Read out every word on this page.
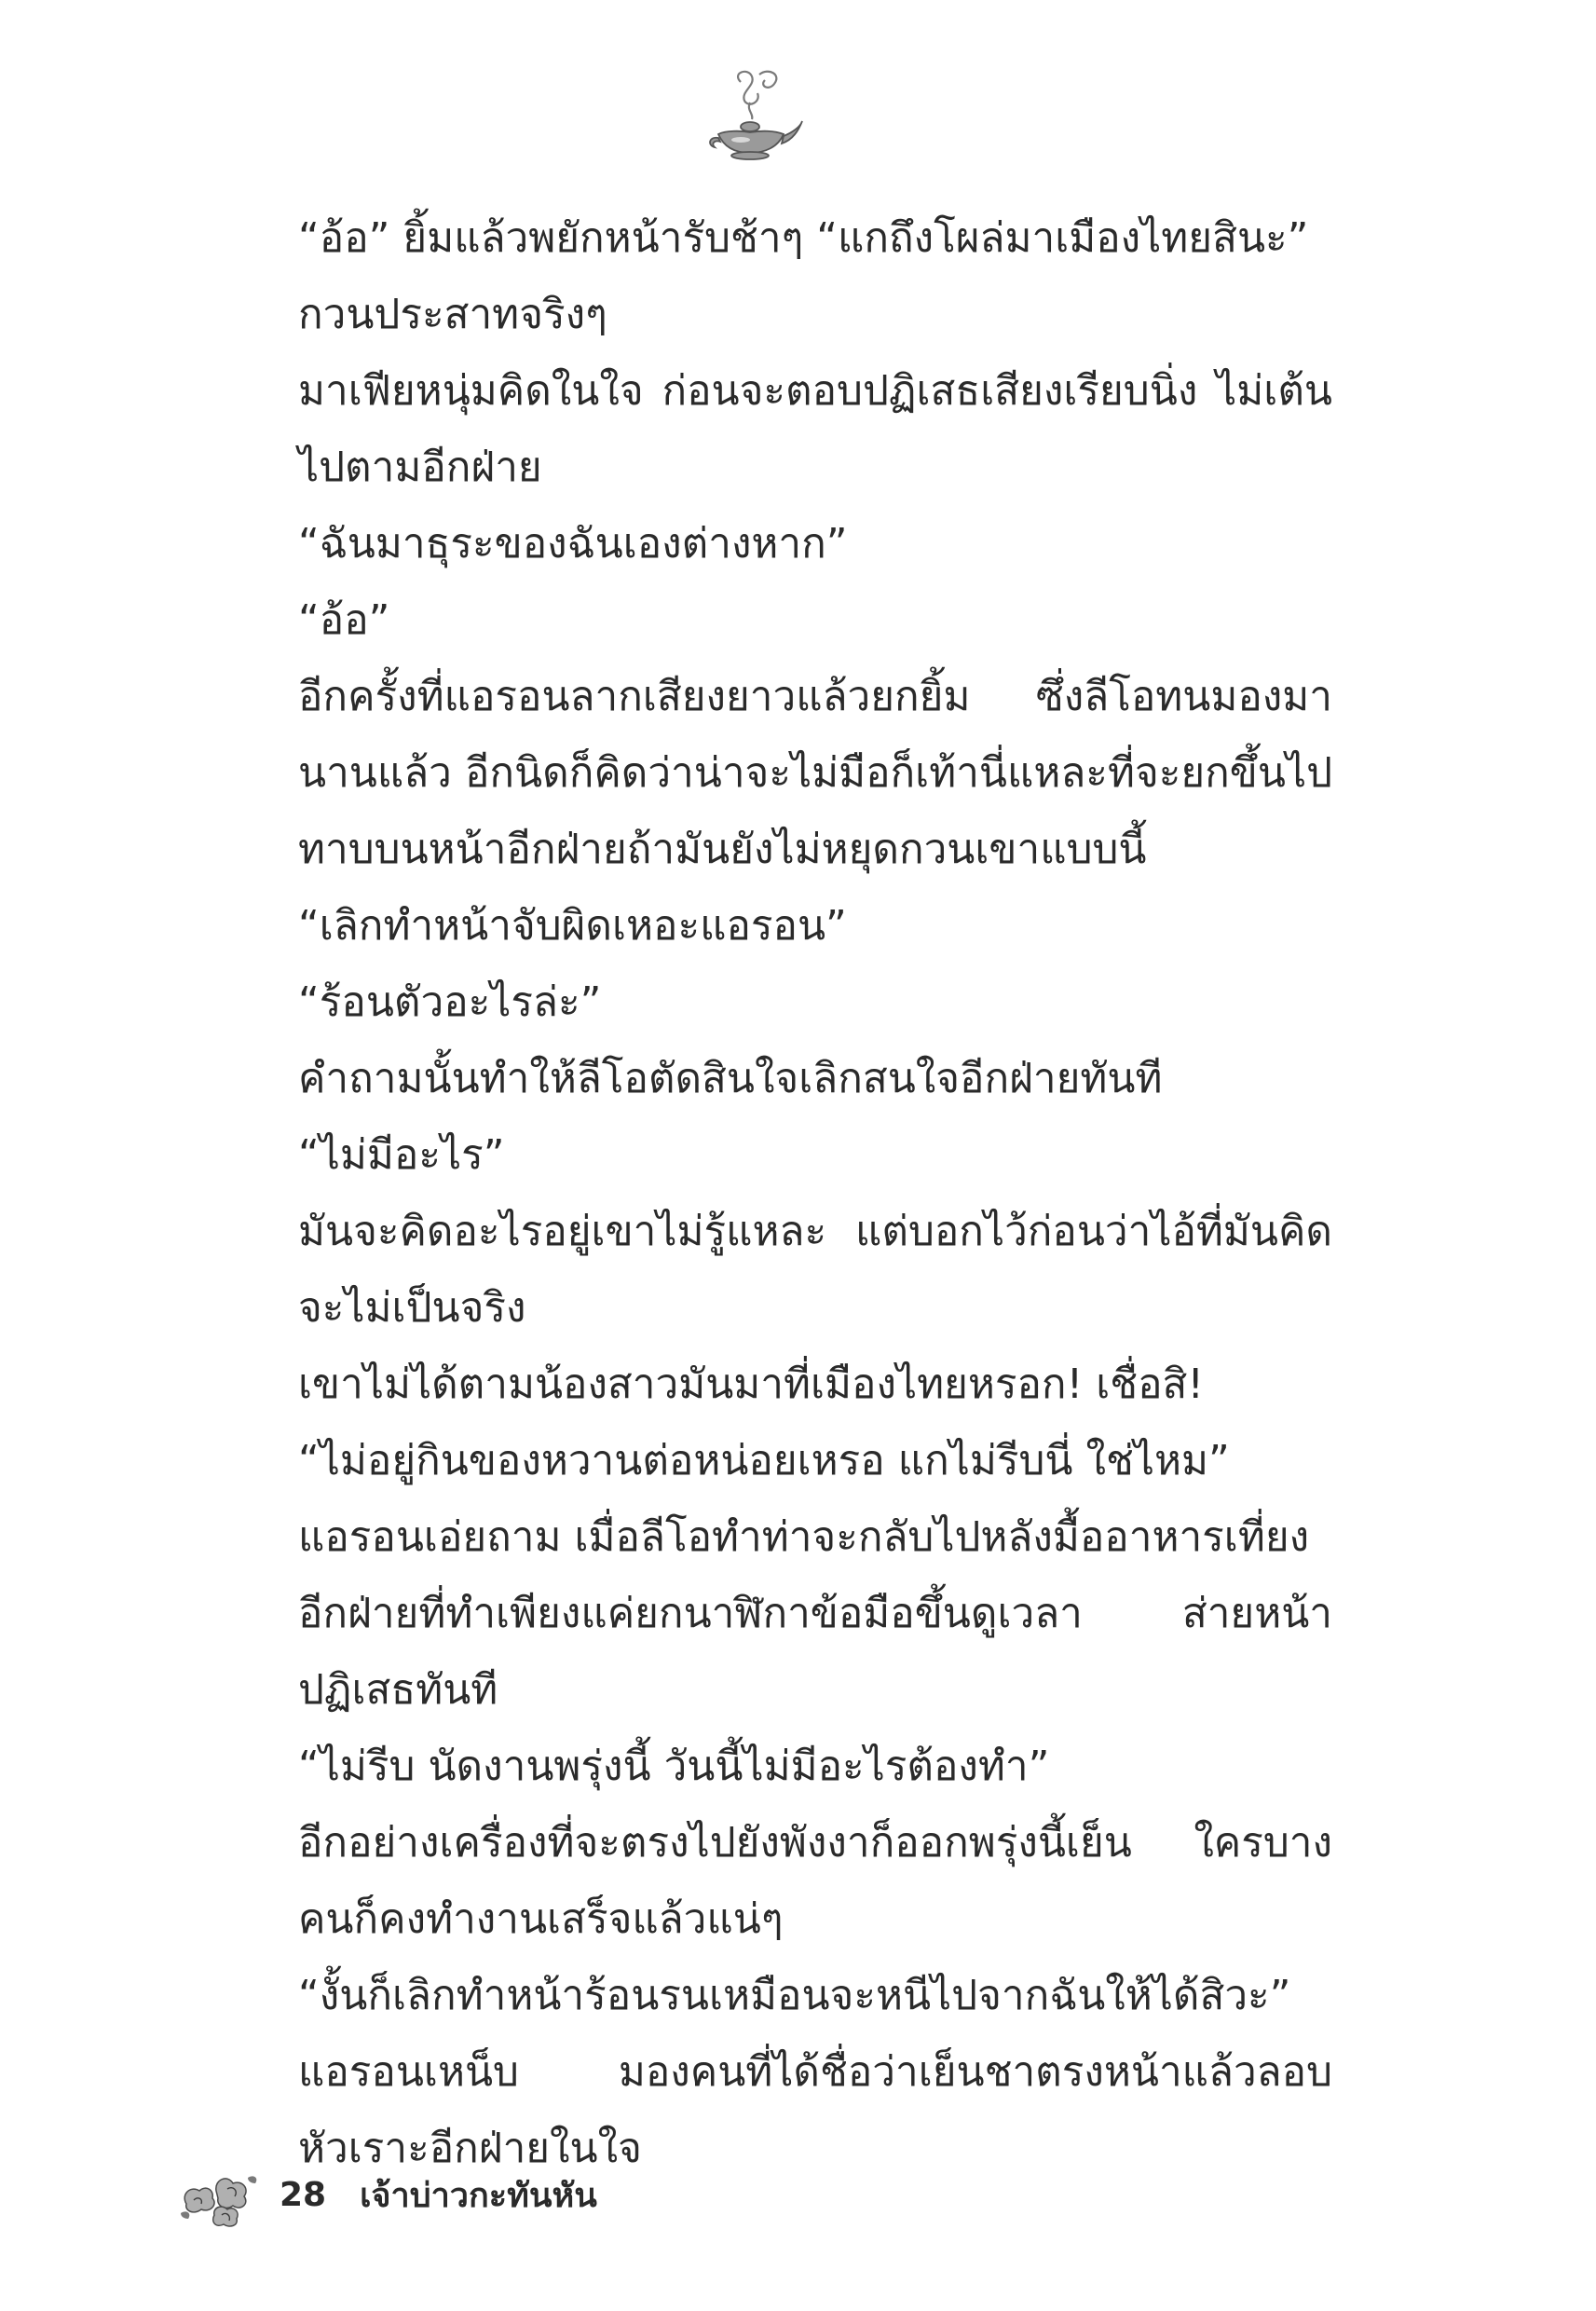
“อ้อ” ยิ้มแล้วพยักหน้ารับช้าๆ “แกถึงโผล่มาเมืองไทยสินะ”

กวนประสาทจริงๆ

มาเฟียหนุ่มคิดในใจ ก่อนจะตอบปฏิเสธเสียงเรียบนิ่ง ไม่เต้นไปตามอีกฝ่าย

“ฉันมาธุระของฉันเองต่างหาก”

“อ้อ”

อีกครั้งที่แอรอนลากเสียงยาวแล้วยกยิ้ม ซึ่งลีโอทนมองมานานแล้ว อีกนิดก็คิดว่าน่าจะไม่มือก็เท้านี่แหละที่จะยกขึ้นไปทาบบนหน้าอีกฝ่ายถ้ามันยังไม่หยุดกวนเขาแบบนี้

“เลิกทำหน้าจับผิดเหอะแอรอน”

“ร้อนตัวอะไรล่ะ”

คำถามนั้นทำให้ลีโอตัดสินใจเลิกสนใจอีกฝ่ายทันที

“ไม่มีอะไร”

มันจะคิดอะไรอยู่เขาไม่รู้แหละ แต่บอกไว้ก่อนว่าไอ้ที่มันคิดจะไม่เป็นจริง

เขาไม่ได้ตามน้องสาวมันมาที่เมืองไทยหรอก! เชื่อสิ!

“ไม่อยู่กินของหวานต่อหน่อยเหรอ แกไม่รีบนี่ ใช่ไหม”

แอรอนเอ่ยถาม เมื่อลีโอทำท่าจะกลับไปหลังมื้ออาหารเที่ยง

อีกฝ่ายที่ทำเพียงแค่ยกนาฬิกาข้อมือขึ้นดูเวลา ส่ายหน้าปฏิเสธทันที

“ไม่รีบ นัดงานพรุ่งนี้ วันนี้ไม่มีอะไรต้องทำ”

อีกอย่างเครื่องที่จะตรงไปยังพังงาก็ออกพรุ่งนี้เย็น ใครบางคนก็คงทำงานเสร็จแล้วแน่ๆ

“งั้นก็เลิกทำหน้าร้อนรนเหมือนจะหนีไปจากฉันให้ได้สิวะ” แอรอนเหน็บ มองคนที่ได้ชื่อว่าเย็นชาตรงหน้าแล้วลอบหัวเราะอีกฝ่ายในใจ

28 เจ้าบ่าวกะทันหัน
